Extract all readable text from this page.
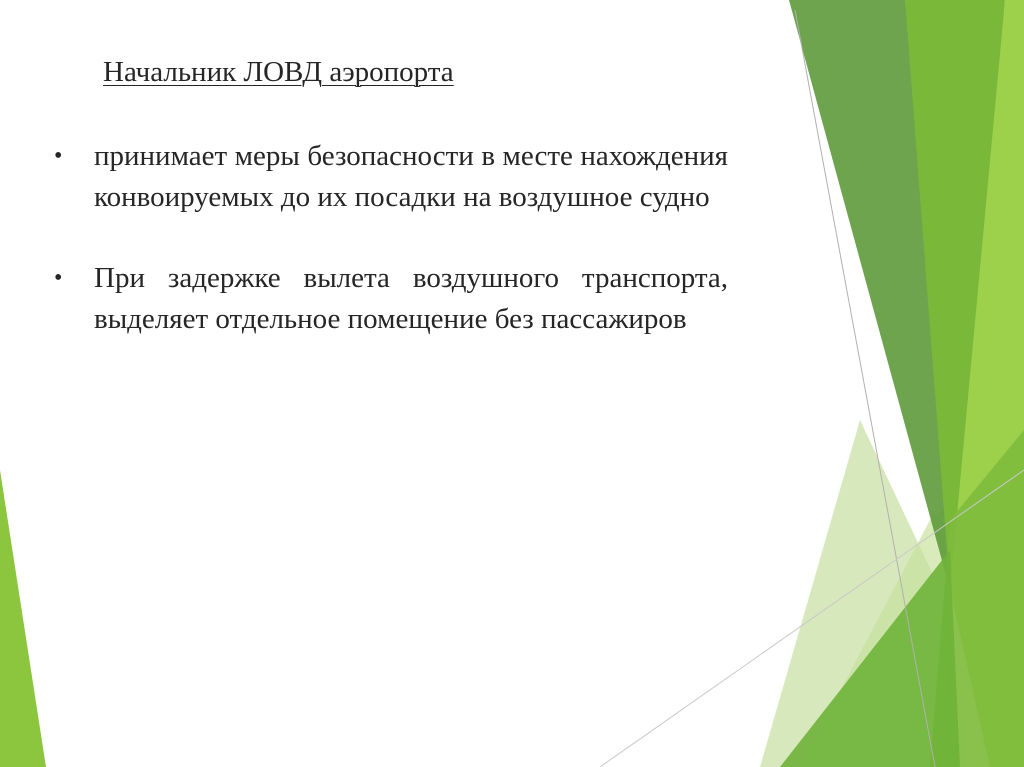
Начальник ЛОВД аэропорта
• принимает меры безопасности в месте нахождения конвоируемых до их посадки на воздушное судно
• При задержке вылета воздушного транспорта, выделяет отдельное помещение без пассажиров
